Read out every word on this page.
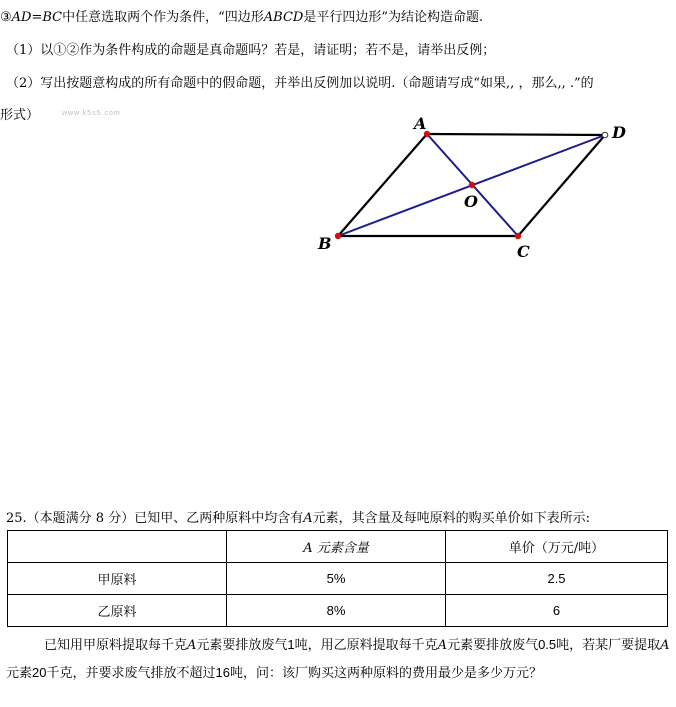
③AD=BC中任意选取两个作为条件，“四边形ABCD是平行四边形”为结论构造命题.
（1）以①②作为条件构成的命题是真命题吗？若是，请证明；若不是，请举出反例；
（2）写出按题意构成的所有命题中的假命题，并举出反例加以说明.（命题请写成“如果,, ，那么,, .”的
形式）	www.k5s5.com
A	D
C
B
O
25.（本题满分 8 分）已知甲、乙两种原料中均含有A元素，其含量及每吨原料的购买单价如下表所示:
	A 元素含量	单价（万元/吨）
甲原料	5%	2.5
乙原料	8%	6
已知用甲原料提取每千克A元素要排放废气1吨，用乙原料提取每千克A元素要排放废气0.5吨，若某厂要提取A元素20千克，并要求废气排放不超过16吨，问：该厂购买这两种原料的费用最少是多少万元？
